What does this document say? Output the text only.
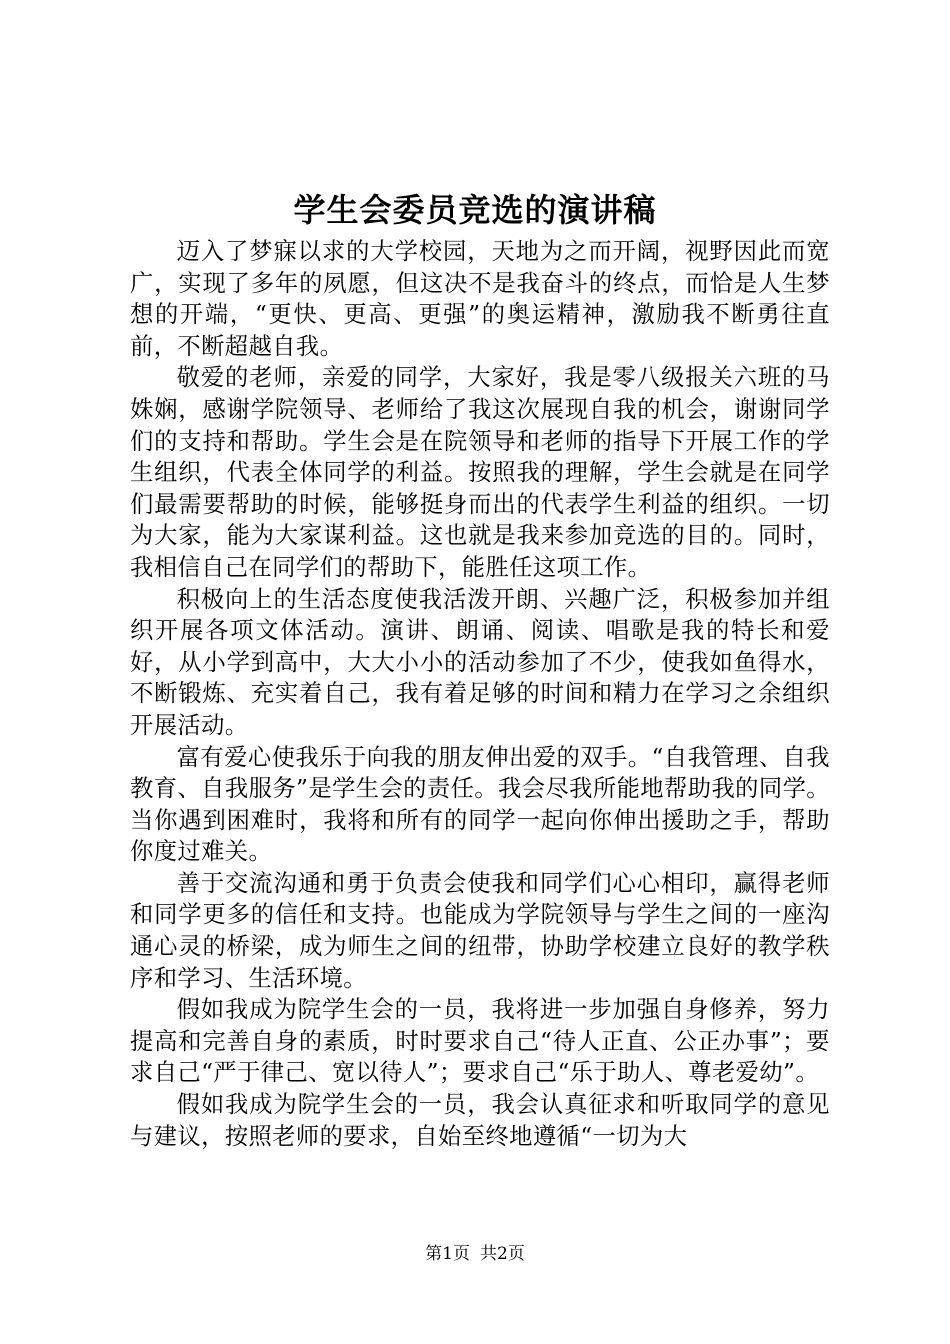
学生会委员竞选的演讲稿

迈入了梦寐以求的大学校园，天地为之而开阔，视野因此而宽广，实现了多年的夙愿，但这决不是我奋斗的终点，而恰是人生梦想的开端，“更快、更高、更强”的奥运精神，激励我不断勇往直前，不断超越自我。

敬爱的老师，亲爱的同学，大家好，我是零八级报关六班的马姝娴，感谢学院领导、老师给了我这次展现自我的机会，谢谢同学们的支持和帮助。学生会是在院领导和老师的指导下开展工作的学生组织，代表全体同学的利益。按照我的理解，学生会就是在同学们最需要帮助的时候，能够挺身而出的代表学生利益的组织。一切为大家，能为大家谋利益。这也就是我来参加竞选的目的。同时，我相信自己在同学们的帮助下，能胜任这项工作。

积极向上的生活态度使我活泼开朗、兴趣广泛，积极参加并组织开展各项文体活动。演讲、朗诵、阅读、唱歌是我的特长和爱好，从小学到高中，大大小小的活动参加了不少，使我如鱼得水，不断锻炼、充实着自己，我有着足够的时间和精力在学习之余组织开展活动。

富有爱心使我乐于向我的朋友伸出爱的双手。“自我管理、自我教育、自我服务”是学生会的责任。我会尽我所能地帮助我的同学。当你遇到困难时，我将和所有的同学一起向你伸出援助之手，帮助你度过难关。

善于交流沟通和勇于负责会使我和同学们心心相印，赢得老师和同学更多的信任和支持。也能成为学院领导与学生之间的一座沟通心灵的桥梁，成为师生之间的纽带，协助学校建立良好的教学秩序和学习、生活环境。

假如我成为院学生会的一员，我将进一步加强自身修养，努力提高和完善自身的素质，时时要求自己“待人正直、公正办事”；要求自己“严于律己、宽以待人”；要求自己“乐于助人、尊老爱幼”。

假如我成为院学生会的一员，我会认真征求和听取同学的意见与建议，按照老师的要求，自始至终地遵循“一切为大

第1页 共2页
